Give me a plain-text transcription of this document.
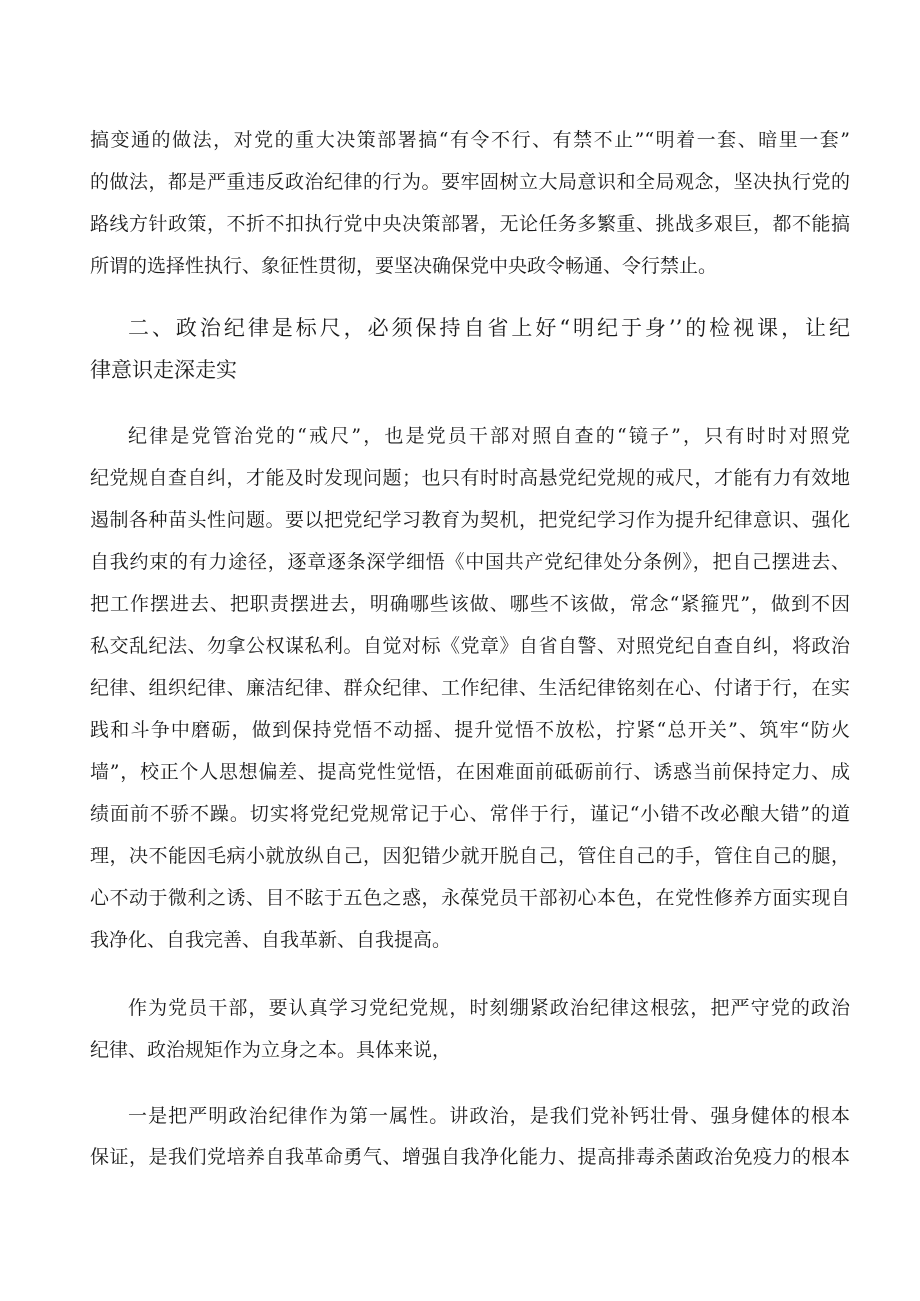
搞变通的做法，对党的重大决策部署搞“有令不行、有禁不止”“明着一套、暗里一套”
的做法，都是严重违反政治纪律的行为。要牢固树立大局意识和全局观念，坚决执行党的
路线方针政策，不折不扣执行党中央决策部署，无论任务多繁重、挑战多艰巨，都不能搞
所谓的选择性执行、象征性贯彻，要坚决确保党中央政令畅通、令行禁止。
二、政治纪律是标尺，必须保持自省上好“明纪于身’’的检视课，让纪
律意识走深走实
纪律是党管治党的“戒尺”，也是党员干部对照自查的“镜子”，只有时时对照党
纪党规自查自纠，才能及时发现问题；也只有时时高悬党纪党规的戒尺，才能有力有效地
遏制各种苗头性问题。要以把党纪学习教育为契机，把党纪学习作为提升纪律意识、强化
自我约束的有力途径，逐章逐条深学细悟《中国共产党纪律处分条例》，把自己摆进去、
把工作摆进去、把职责摆进去，明确哪些该做、哪些不该做，常念“紧箍咒”，做到不因
私交乱纪法、勿拿公权谋私利。自觉对标《党章》自省自警、对照党纪自查自纠，将政治
纪律、组织纪律、廉洁纪律、群众纪律、工作纪律、生活纪律铭刻在心、付诸于行，在实
践和斗争中磨砺，做到保持党悟不动摇、提升觉悟不放松，拧紧“总开关”、筑牢“防火
墙”，校正个人思想偏差、提高党性觉悟，在困难面前砥砺前行、诱惑当前保持定力、成
绩面前不骄不躁。切实将党纪党规常记于心、常伴于行，谨记“小错不改必酿大错”的道
理，决不能因毛病小就放纵自己，因犯错少就开脱自己，管住自己的手，管住自己的腿，
心不动于微利之诱、目不眩于五色之惑，永葆党员干部初心本色，在党性修养方面实现自
我净化、自我完善、自我革新、自我提高。
作为党员干部，要认真学习党纪党规，时刻绷紧政治纪律这根弦，把严守党的政治
纪律、政治规矩作为立身之本。具体来说，
一是把严明政治纪律作为第一属性。讲政治，是我们党补钙壮骨、强身健体的根本
保证，是我们党培养自我革命勇气、增强自我净化能力、提高排毒杀菌政治免疫力的根本
